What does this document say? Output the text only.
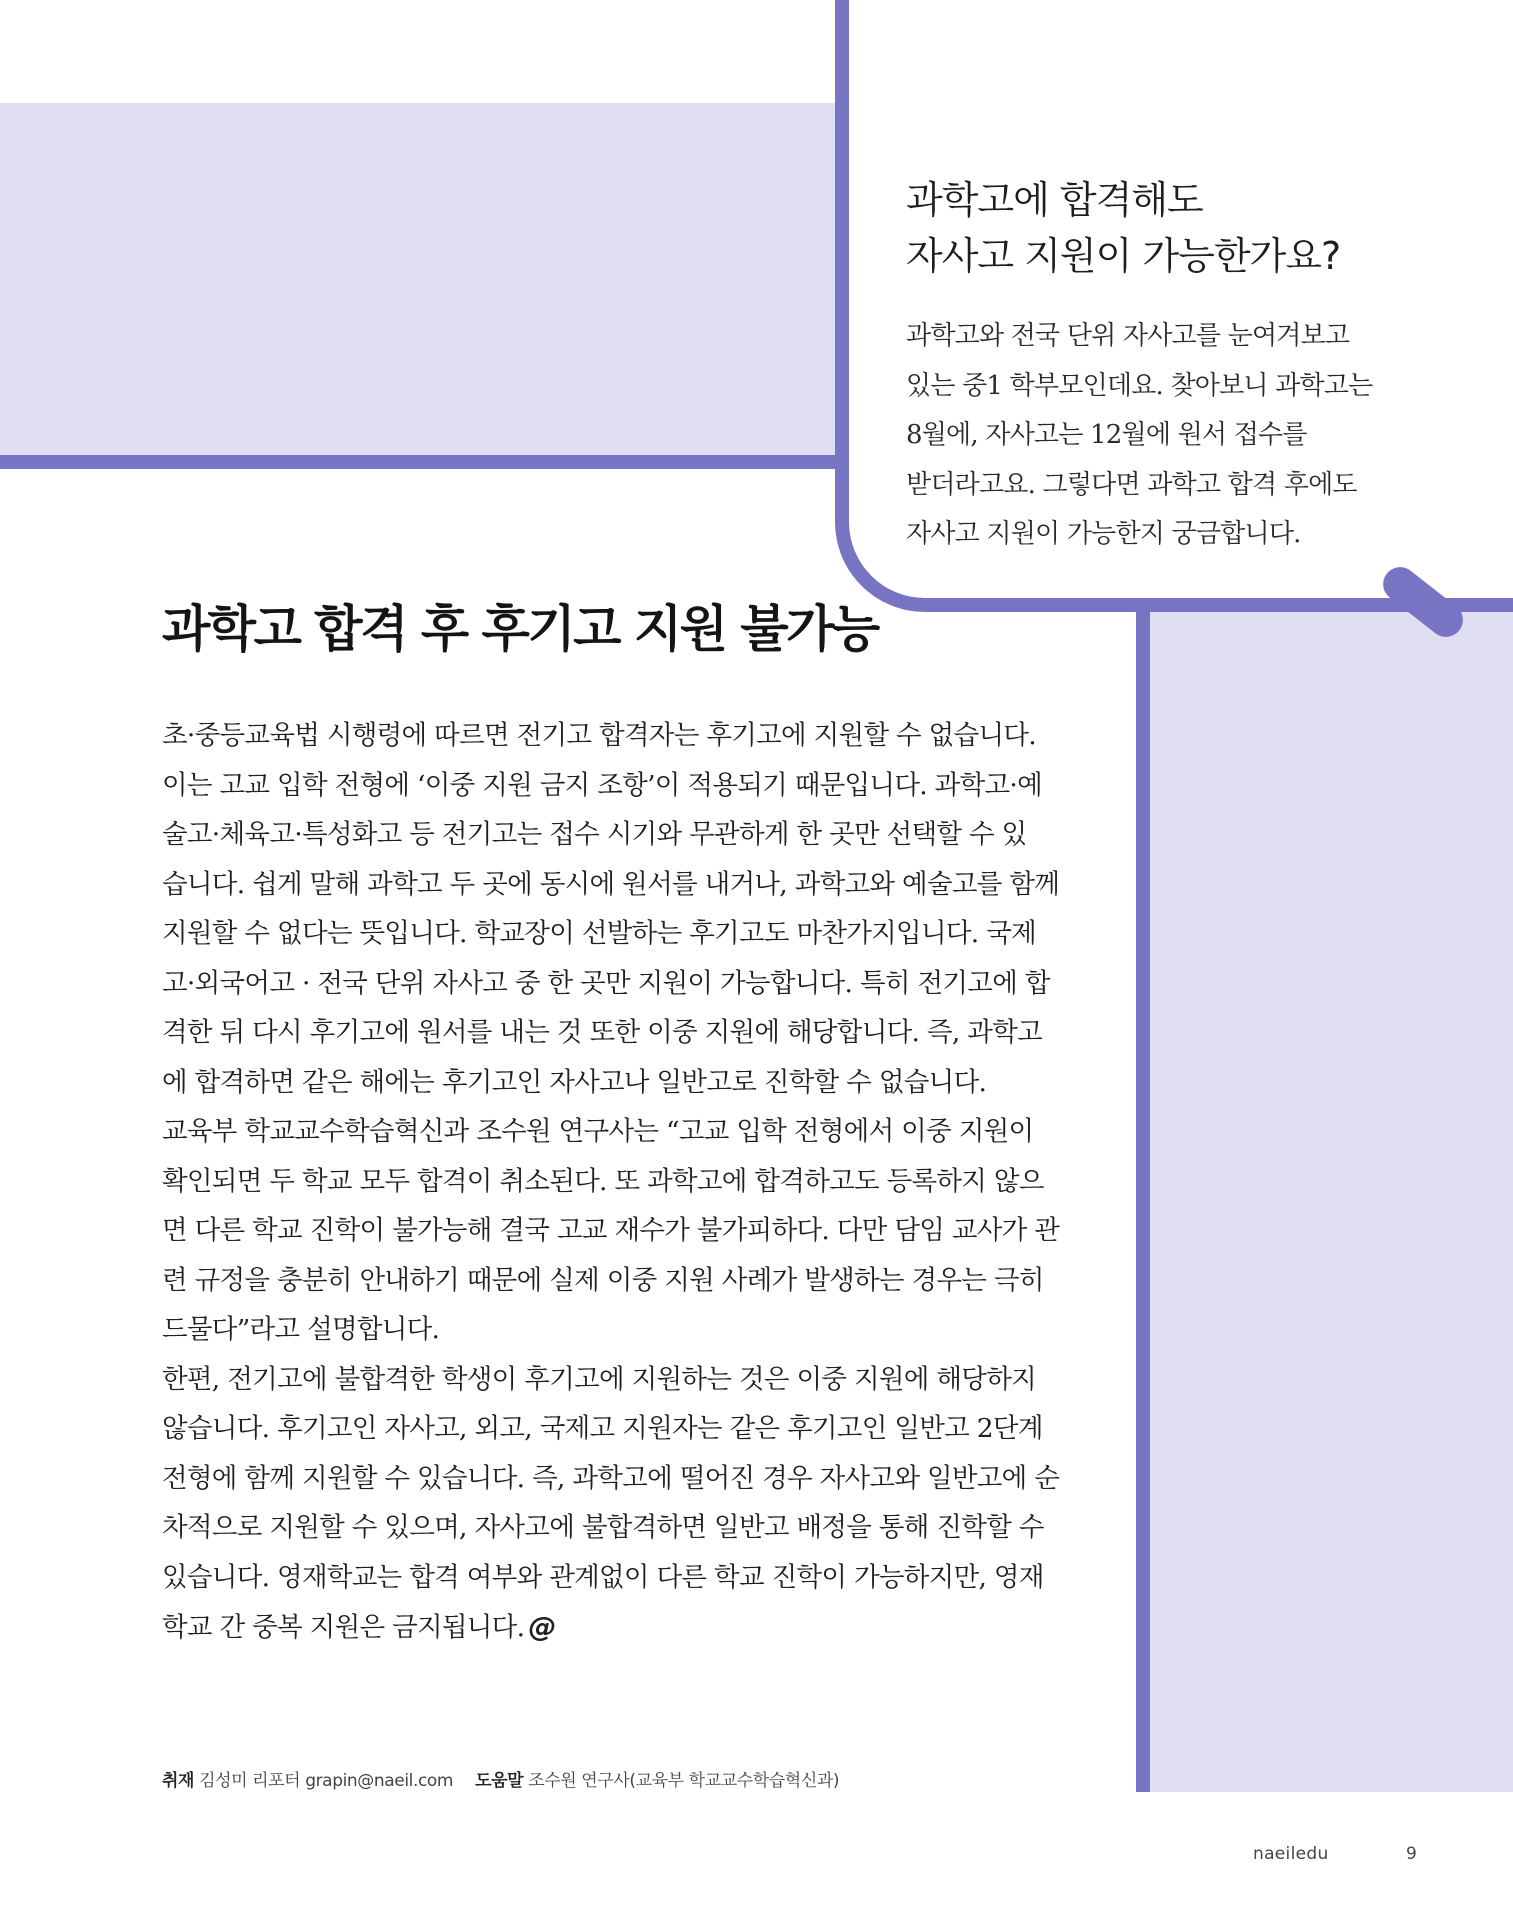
과학고에 합격해도
자사고 지원이 가능한가요?

과학고와 전국 단위 자사고를 눈여겨보고
있는 중1 학부모인데요. 찾아보니 과학고는
8월에, 자사고는 12월에 원서 접수를
받더라고요. 그렇다면 과학고 합격 후에도
자사고 지원이 가능한지 궁금합니다.

과학고 합격 후 후기고 지원 불가능
초·중등교육법 시행령에 따르면 전기고 합격자는 후기고에 지원할 수 없습니다.
이는 고교 입학 전형에 ‘이중 지원 금지 조항’이 적용되기 때문입니다. 과학고·예
술고·체육고·특성화고 등 전기고는 접수 시기와 무관하게 한 곳만 선택할 수 있
습니다. 쉽게 말해 과학고 두 곳에 동시에 원서를 내거나, 과학고와 예술고를 함께
지원할 수 없다는 뜻입니다. 학교장이 선발하는 후기고도 마찬가지입니다. 국제
고·외국어고 · 전국 단위 자사고 중 한 곳만 지원이 가능합니다. 특히 전기고에 합
격한 뒤 다시 후기고에 원서를 내는 것 또한 이중 지원에 해당합니다. 즉, 과학고
에 합격하면 같은 해에는 후기고인 자사고나 일반고로 진학할 수 없습니다.
교육부 학교교수학습혁신과 조수원 연구사는 “고교 입학 전형에서 이중 지원이
확인되면 두 학교 모두 합격이 취소된다. 또 과학고에 합격하고도 등록하지 않으
면 다른 학교 진학이 불가능해 결국 고교 재수가 불가피하다. 다만 담임 교사가 관
련 규정을 충분히 안내하기 때문에 실제 이중 지원 사례가 발생하는 경우는 극히
드물다”라고 설명합니다.
한편, 전기고에 불합격한 학생이 후기고에 지원하는 것은 이중 지원에 해당하지
않습니다. 후기고인 자사고, 외고, 국제고 지원자는 같은 후기고인 일반고 2단계
전형에 함께 지원할 수 있습니다. 즉, 과학고에 떨어진 경우 자사고와 일반고에 순
차적으로 지원할 수 있으며, 자사고에 불합격하면 일반고 배정을 통해 진학할 수
있습니다. 영재학교는 합격 여부와 관계없이 다른 학교 진학이 가능하지만, 영재
학교 간 중복 지원은 금지됩니다. @
취재 김성미 리포터 grapin@naeil.com 도움말 조수원 연구사(교육부 학교교수학습혁신과)
naeiledu	9
